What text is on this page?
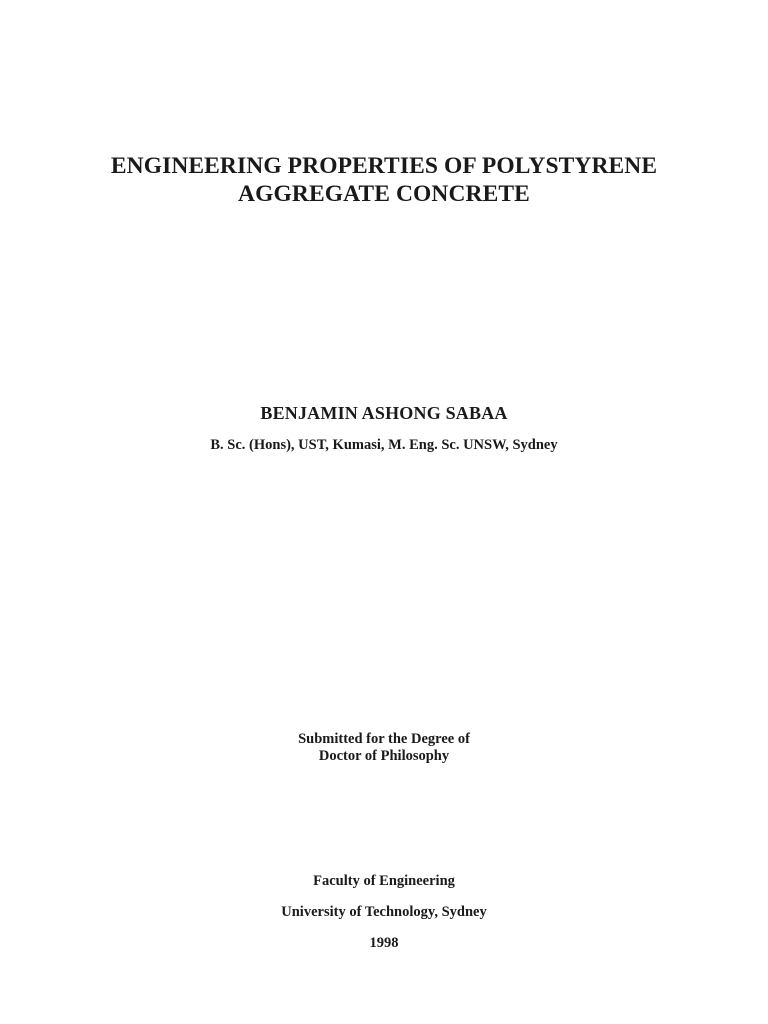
ENGINEERING PROPERTIES OF POLYSTYRENE
AGGREGATE CONCRETE
BENJAMIN ASHONG SABAA
B. Sc. (Hons), UST, Kumasi, M. Eng. Sc. UNSW, Sydney
Submitted for the Degree of
Doctor of Philosophy
Faculty of Engineering
University of Technology, Sydney
1998
